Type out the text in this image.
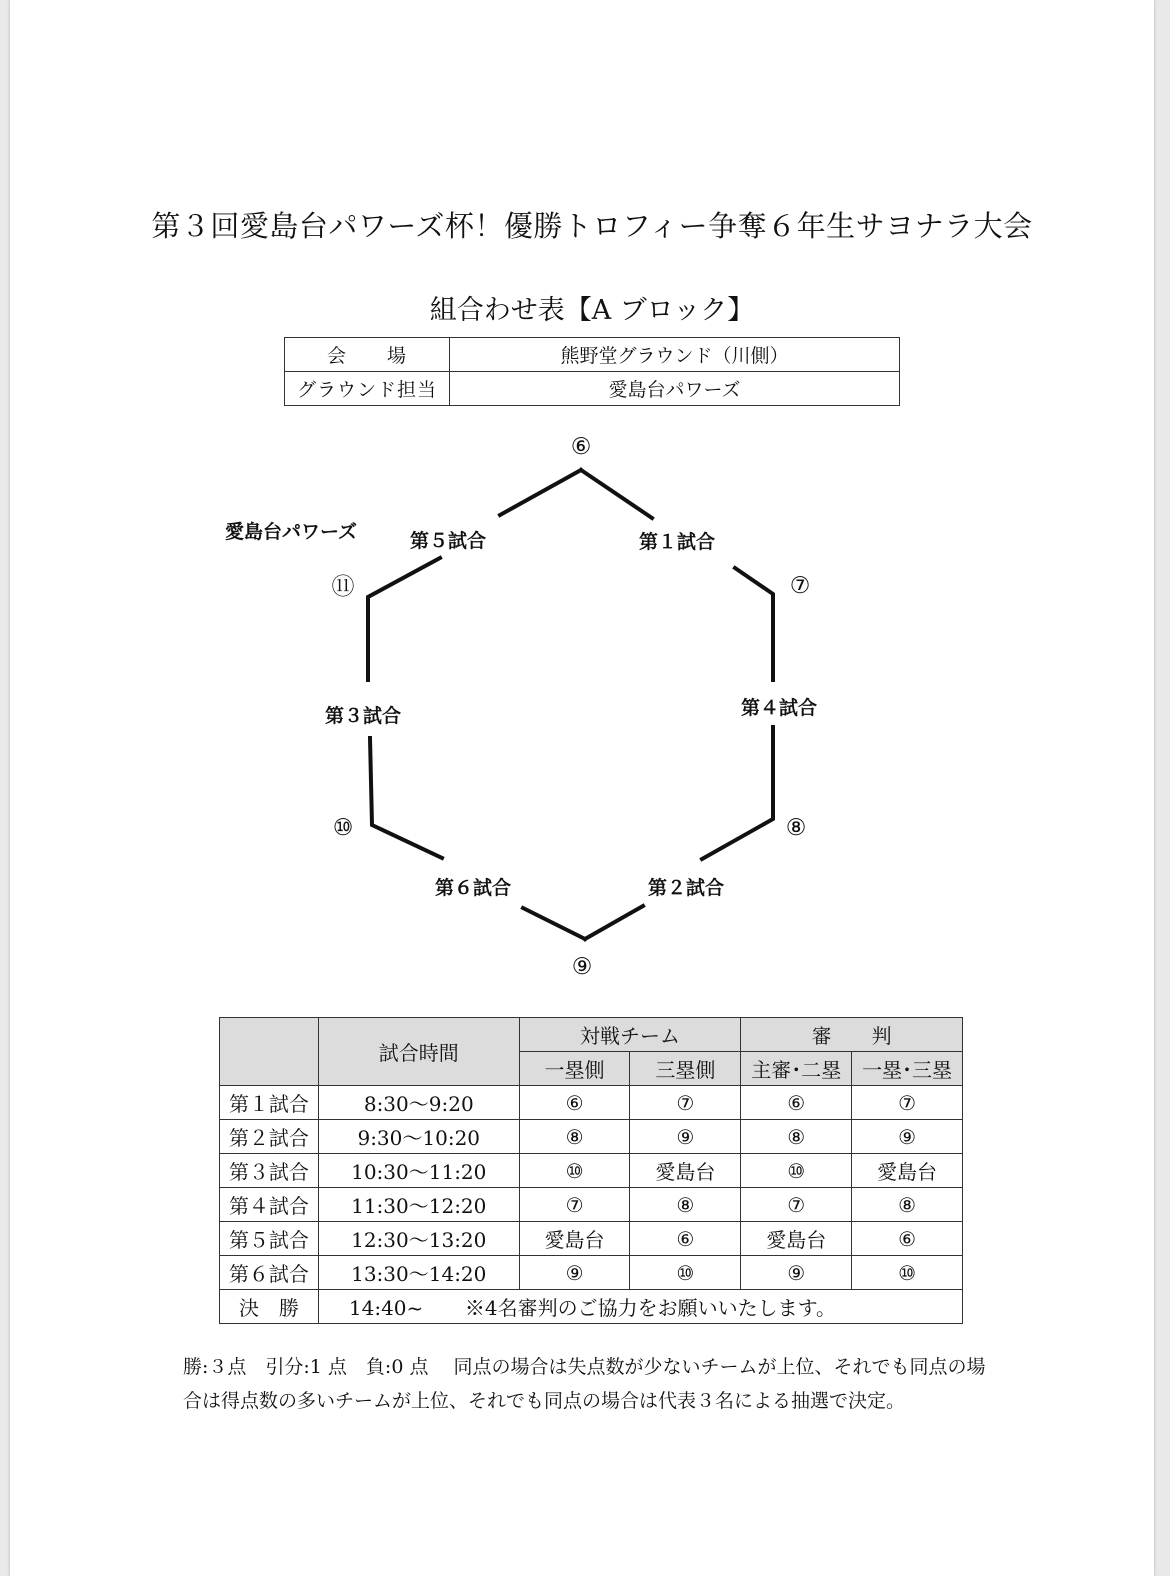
第３回愛島台パワーズ杯！優勝トロフィー争奪６年生サヨナラ大会
組合わせ表【A ブロック】
会　　場	熊野堂グラウンド（川側）
グラウンド担当	愛島台パワーズ
⑥
⑦
⑧
⑨
⑩
⑪
第１試合
第２試合
第３試合	第４試合
第５試合
第６試合
愛島台パワーズ
	試合時間	対戦チーム		審　　判	
		一塁側	三塁側	主審･二塁	一塁･三塁
第１試合	8:30～9:20	⑥	⑦	⑥	⑦
第２試合	9:30～10:20	⑧	⑨	⑧	⑨
第３試合	10:30～11:20	⑩	愛島台	⑩	愛島台
第４試合	11:30～12:20	⑦	⑧	⑦	⑧
第５試合	12:30～13:20	愛島台	⑥	愛島台	⑥
第６試合	13:30～14:20	⑨	⑩	⑨	⑩
決　勝	14:40~ ※4名審判のご協力をお願いいたします。				
勝:３点　引分:1 点　負:0 点　 同点の場合は失点数が少ないチームが上位、それでも同点の場
合は得点数の多いチームが上位、それでも同点の場合は代表３名による抽選で決定。
